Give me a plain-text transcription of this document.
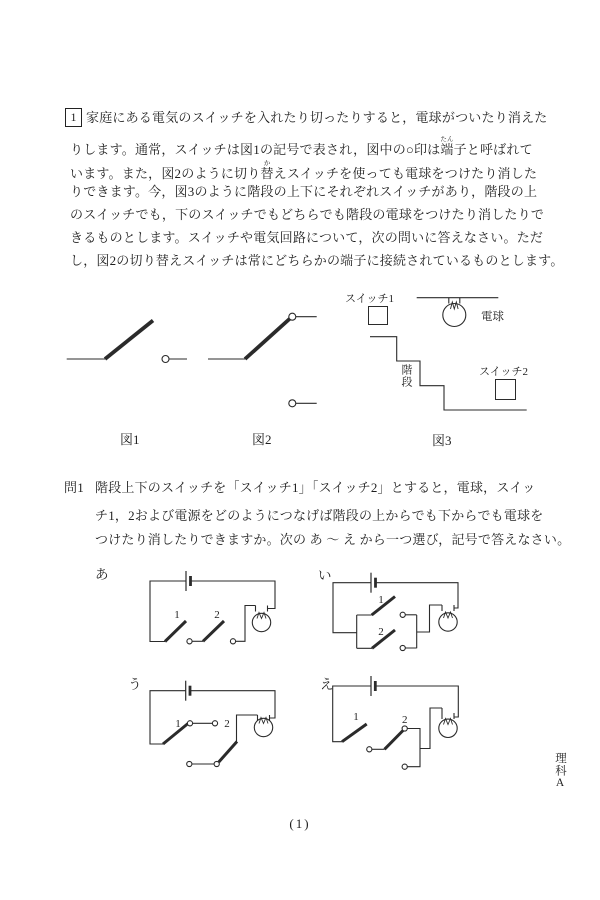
1 家庭にある電気のスイッチを入れたり切ったりすると，電球がついたり消えた
りします。通常，スイッチは図1の記号で表され，図中の○印は端たん子と呼ばれて
います。また，図2のように切り替かえスイッチを使っても電球をつけたり消した
りできます。今，図3のように階段の上下にそれぞれスイッチがあり，階段の上
のスイッチでも，下のスイッチでもどちらでも階段の電球をつけたり消したりで
きるものとします。スイッチや電気回路について，次の問いに答えなさい。ただ
し，図2の切り替えスイッチは常にどちらかの端子に接続されているものとします。
図1	図2
スイッチ1
電球
階段	スイッチ2
図3
問1 階段上下のスイッチを「スイッチ1」「スイッチ2」とすると，電球，スイッ
チ1，2および電源をどのようにつなげば階段の上からでも下からでも電球を
つけたり消したりできますか。次の あ ～ え から一つ選び，記号で答えなさい。
あ
1	2
い
1
2
う
1	2
え
1	2
(1)
理科A
